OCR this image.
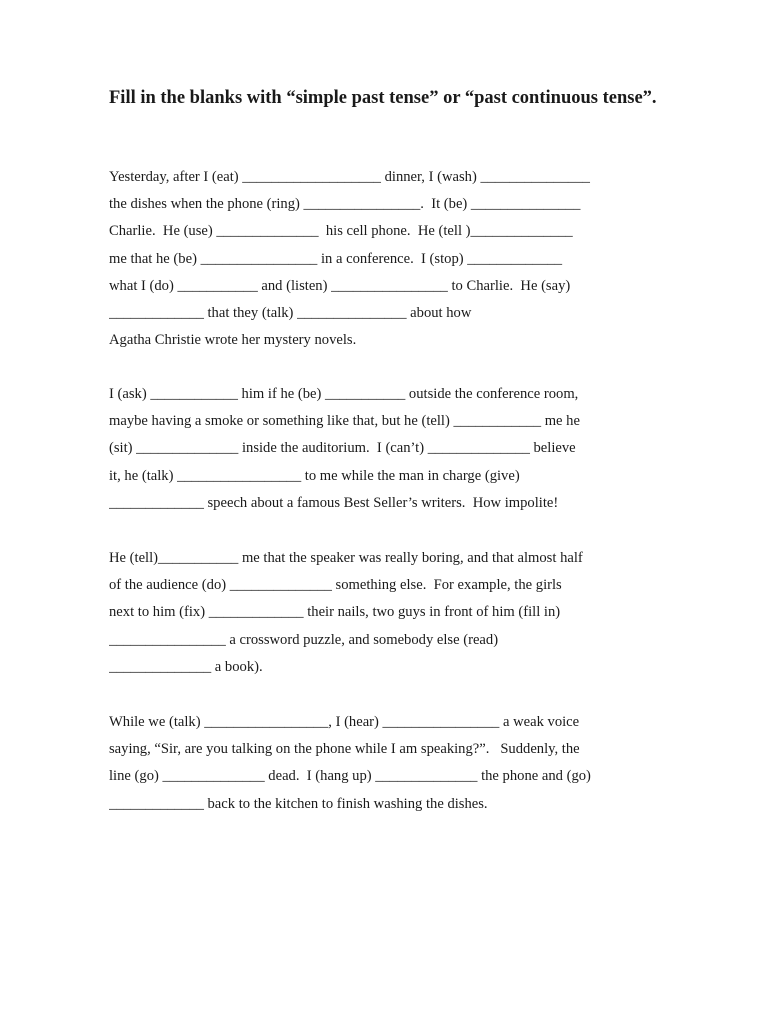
Fill in the blanks with “simple past tense” or “past continuous tense”.
Yesterday, after I (eat) ___________________ dinner, I (wash) _______________
the dishes when the phone (ring) ________________.  It (be) _______________
Charlie.  He (use) ______________  his cell phone.  He (tell )______________
me that he (be) ________________ in a conference.  I (stop) _____________
what I (do) ___________ and (listen) ________________ to Charlie.  He (say)
_____________ that they (talk) _______________ about how
Agatha Christie wrote her mystery novels.
I (ask) ____________ him if he (be) ___________ outside the conference room,
maybe having a smoke or something like that, but he (tell) ____________ me he
(sit) ______________ inside the auditorium.  I (can’t) ______________ believe
it, he (talk) _________________ to me while the man in charge (give)
_____________ speech about a famous Best Seller’s writers.  How impolite!
He (tell)___________ me that the speaker was really boring, and that almost half
of the audience (do) ______________ something else.  For example, the girls
next to him (fix) _____________ their nails, two guys in front of him (fill in)
________________ a crossword puzzle, and somebody else (read)
______________ a book).
While we (talk) _________________, I (hear) ________________ a weak voice
saying, “Sir, are you talking on the phone while I am speaking?”.   Suddenly, the
line (go) ______________ dead.  I (hang up) ______________ the phone and (go)
_____________ back to the kitchen to finish washing the dishes.
